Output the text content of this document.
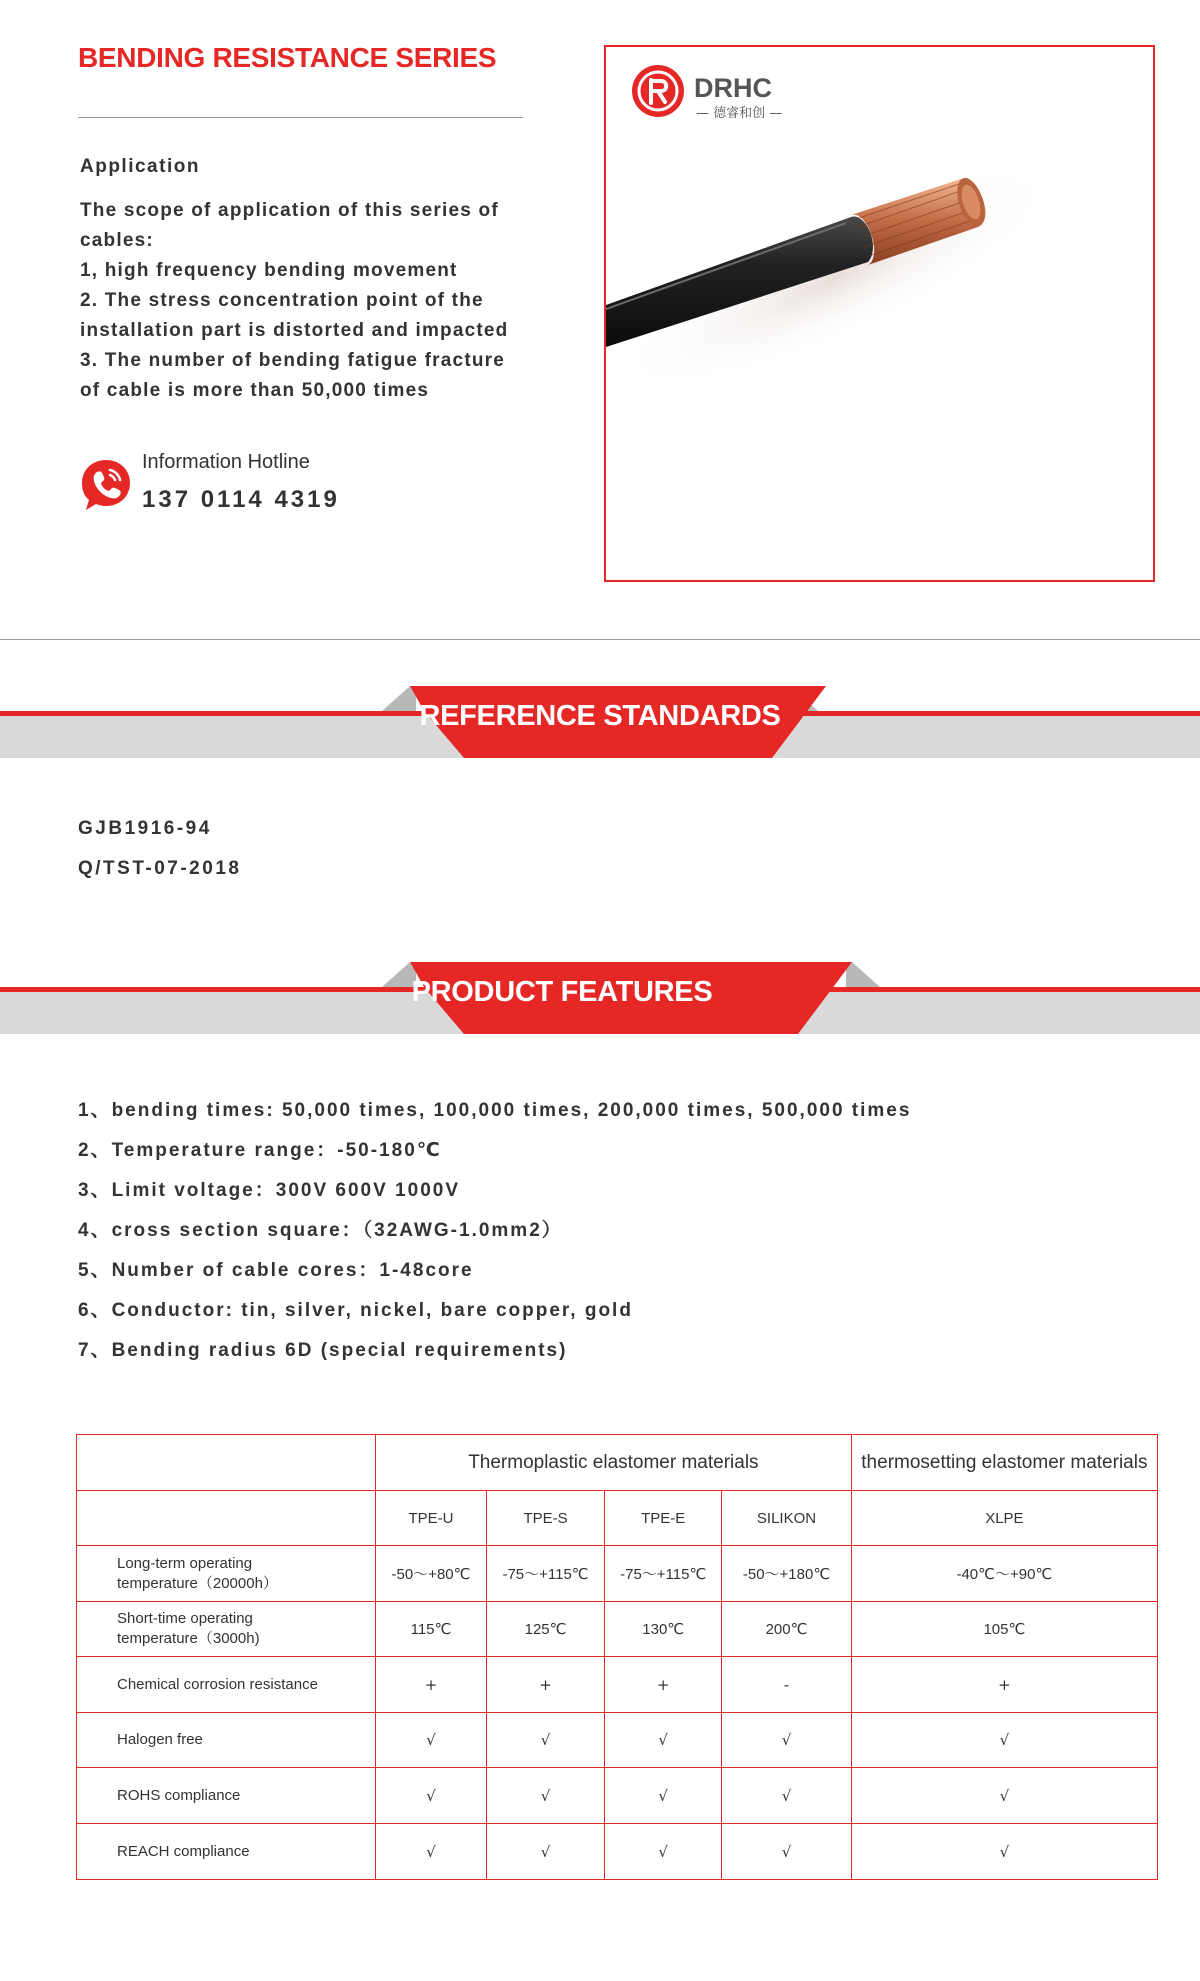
BENDING RESISTANCE SERIES
Application
The scope of application of this series of
cables:
1, high frequency bending movement
2. The stress concentration point of the
installation part is distorted and impacted
3. The number of bending fatigue fracture
of cable is more than 50,000 times
Information Hotline
137 0114 4319
DRHC
— 德睿和创 —
REFERENCE STANDARDS
GJB1916-94
Q/TST-07-2018
PRODUCT FEATURES
1、bending times: 50,000 times, 100,000 times, 200,000 times, 500,000 times
2、Temperature range：-50-180℃
3、Limit voltage：300V 600V 1000V
4、cross section square：（32AWG-1.0mm2）
5、Number of cable cores：1-48core
6、Conductor: tin, silver, nickel, bare copper, gold
7、Bending radius 6D (special requirements)
	Thermoplastic elastomer materials				thermosetting elastomer materials
	TPE-U	TPE-S	TPE-E	SILIKON	XLPE
Long-term operating
temperature（20000h）	-50～+80℃	-75～+115℃	-75～+115℃	-50～+180℃	-40℃～+90℃
Short-time operating
temperature（3000h)	115℃	125℃	130℃	200℃	105℃
Chemical corrosion resistance	+	+	+	-	+
Halogen free	√	√	√	√	√
ROHS compliance	√	√	√	√	√
REACH compliance	√	√	√	√	√
